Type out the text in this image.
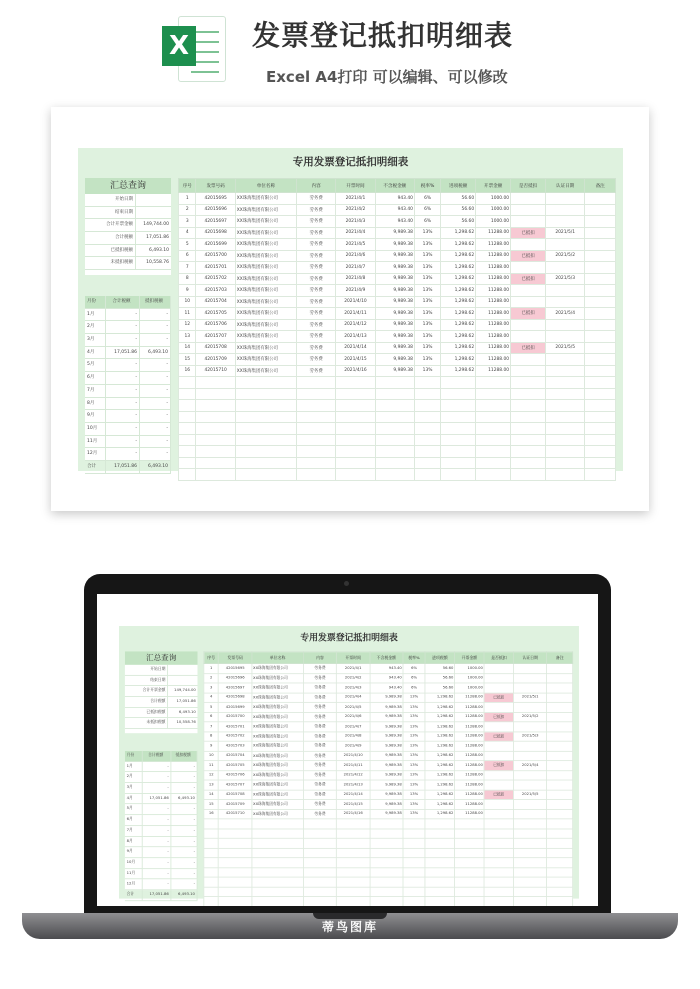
X 发票登记抵扣明细表
Excel A4打印 可以编辑、可以修改
专用发票登记抵扣明细表
汇总查询
开始日期
结束日期
合计开票金额	149,744.00
合计税额	17,051.86
已抵扣税额	6,493.10
未抵扣税额	10,558.76
月份	合计税额	抵扣税额
1月	-	-
2月	-	-
3月	-	-
4月	17,051.86	6,493.10
5月	-	-
6月	-	-
7月	-	-
8月	-	-
9月	-	-
10月	-	-
11月	-	-
12月	-	-
合计	17,051.86	6,493.10
序号	发票号码	单位名称	内容	开票时间	不含税金额	税率%	进项税额	开票金额	是否抵扣	认证日期	备注
1	42015695	XX珠海集团有限公司	劳务费	2021/4/1	943.40	6%	56.60	1000.00			
2	42015696	XX珠海集团有限公司	劳务费	2021/4/2	943.40	6%	56.60	1000.00			
3	42015697	XX珠海集团有限公司	劳务费	2021/4/3	943.40	6%	56.60	1000.00			
4	42015698	XX珠海集团有限公司	劳务费	2021/4/4	9,989.38	13%	1,298.62	11288.00	已抵扣	2021/5/1	
5	42015699	XX珠海集团有限公司	劳务费	2021/4/5	9,989.38	13%	1,298.62	11288.00			
6	42015700	XX珠海集团有限公司	劳务费	2021/4/6	9,989.38	13%	1,298.62	11288.00	已抵扣	2021/5/2	
7	42015701	XX珠海集团有限公司	劳务费	2021/4/7	9,989.38	13%	1,298.62	11288.00			
8	42015702	XX珠海集团有限公司	劳务费	2021/4/8	9,989.38	13%	1,298.62	11288.00	已抵扣	2021/5/3	
9	42015703	XX珠海集团有限公司	劳务费	2021/4/9	9,989.38	13%	1,298.62	11288.00			
10	42015704	XX珠海集团有限公司	劳务费	2021/4/10	9,989.38	13%	1,298.62	11288.00			
11	42015705	XX珠海集团有限公司	劳务费	2021/4/11	9,989.38	13%	1,298.62	11288.00	已抵扣	2021/5/4	
12	42015706	XX珠海集团有限公司	劳务费	2021/4/12	9,989.38	13%	1,298.62	11288.00			
13	42015707	XX珠海集团有限公司	劳务费	2021/4/13	9,989.38	13%	1,298.62	11288.00			
14	42015708	XX珠海集团有限公司	劳务费	2021/4/14	9,989.38	13%	1,298.62	11288.00	已抵扣	2021/5/5	
15	42015709	XX珠海集团有限公司	劳务费	2021/4/15	9,989.38	13%	1,298.62	11288.00			
16	42015710	XX珠海集团有限公司	劳务费	2021/4/16	9,989.38	13%	1,298.62	11288.00			

专用发票登记抵扣明细表
汇总查询
开始日期
结束日期
合计开票金额	149,744.00
合计税额	17,051.86
已抵扣税额	6,493.10
未抵扣税额	10,558.76
月份	合计税额	抵扣税额
1月	-	-
2月	-	-
3月	-	-
4月	17,051.86	6,493.10
5月	-	-
6月	-	-
7月	-	-
8月	-	-
9月	-	-
10月	-	-
11月	-	-
12月	-	-
合计	17,051.86	6,493.10
序号	发票号码	单位名称	内容	开票时间	不含税金额	税率%	进项税额	开票金额	是否抵扣	认证日期	备注
1	42015695	XX珠海集团有限公司	劳务费	2021/4/1	943.40	6%	56.60	1000.00			
2	42015696	XX珠海集团有限公司	劳务费	2021/4/2	943.40	6%	56.60	1000.00			
3	42015697	XX珠海集团有限公司	劳务费	2021/4/3	943.40	6%	56.60	1000.00			
4	42015698	XX珠海集团有限公司	劳务费	2021/4/4	9,989.38	13%	1,298.62	11288.00	已抵扣	2021/5/1	
5	42015699	XX珠海集团有限公司	劳务费	2021/4/5	9,989.38	13%	1,298.62	11288.00			
6	42015700	XX珠海集团有限公司	劳务费	2021/4/6	9,989.38	13%	1,298.62	11288.00	已抵扣	2021/5/2	
7	42015701	XX珠海集团有限公司	劳务费	2021/4/7	9,989.38	13%	1,298.62	11288.00			
8	42015702	XX珠海集团有限公司	劳务费	2021/4/8	9,989.38	13%	1,298.62	11288.00	已抵扣	2021/5/3	
9	42015703	XX珠海集团有限公司	劳务费	2021/4/9	9,989.38	13%	1,298.62	11288.00			
10	42015704	XX珠海集团有限公司	劳务费	2021/4/10	9,989.38	13%	1,298.62	11288.00			
11	42015705	XX珠海集团有限公司	劳务费	2021/4/11	9,989.38	13%	1,298.62	11288.00	已抵扣	2021/5/4	
12	42015706	XX珠海集团有限公司	劳务费	2021/4/12	9,989.38	13%	1,298.62	11288.00			
13	42015707	XX珠海集团有限公司	劳务费	2021/4/13	9,989.38	13%	1,298.62	11288.00			
14	42015708	XX珠海集团有限公司	劳务费	2021/4/14	9,989.38	13%	1,298.62	11288.00	已抵扣	2021/5/5	
15	42015709	XX珠海集团有限公司	劳务费	2021/4/15	9,989.38	13%	1,298.62	11288.00			
16	42015710	XX珠海集团有限公司	劳务费	2021/4/16	9,989.38	13%	1,298.62	11288.00			

蒂鸟图库
